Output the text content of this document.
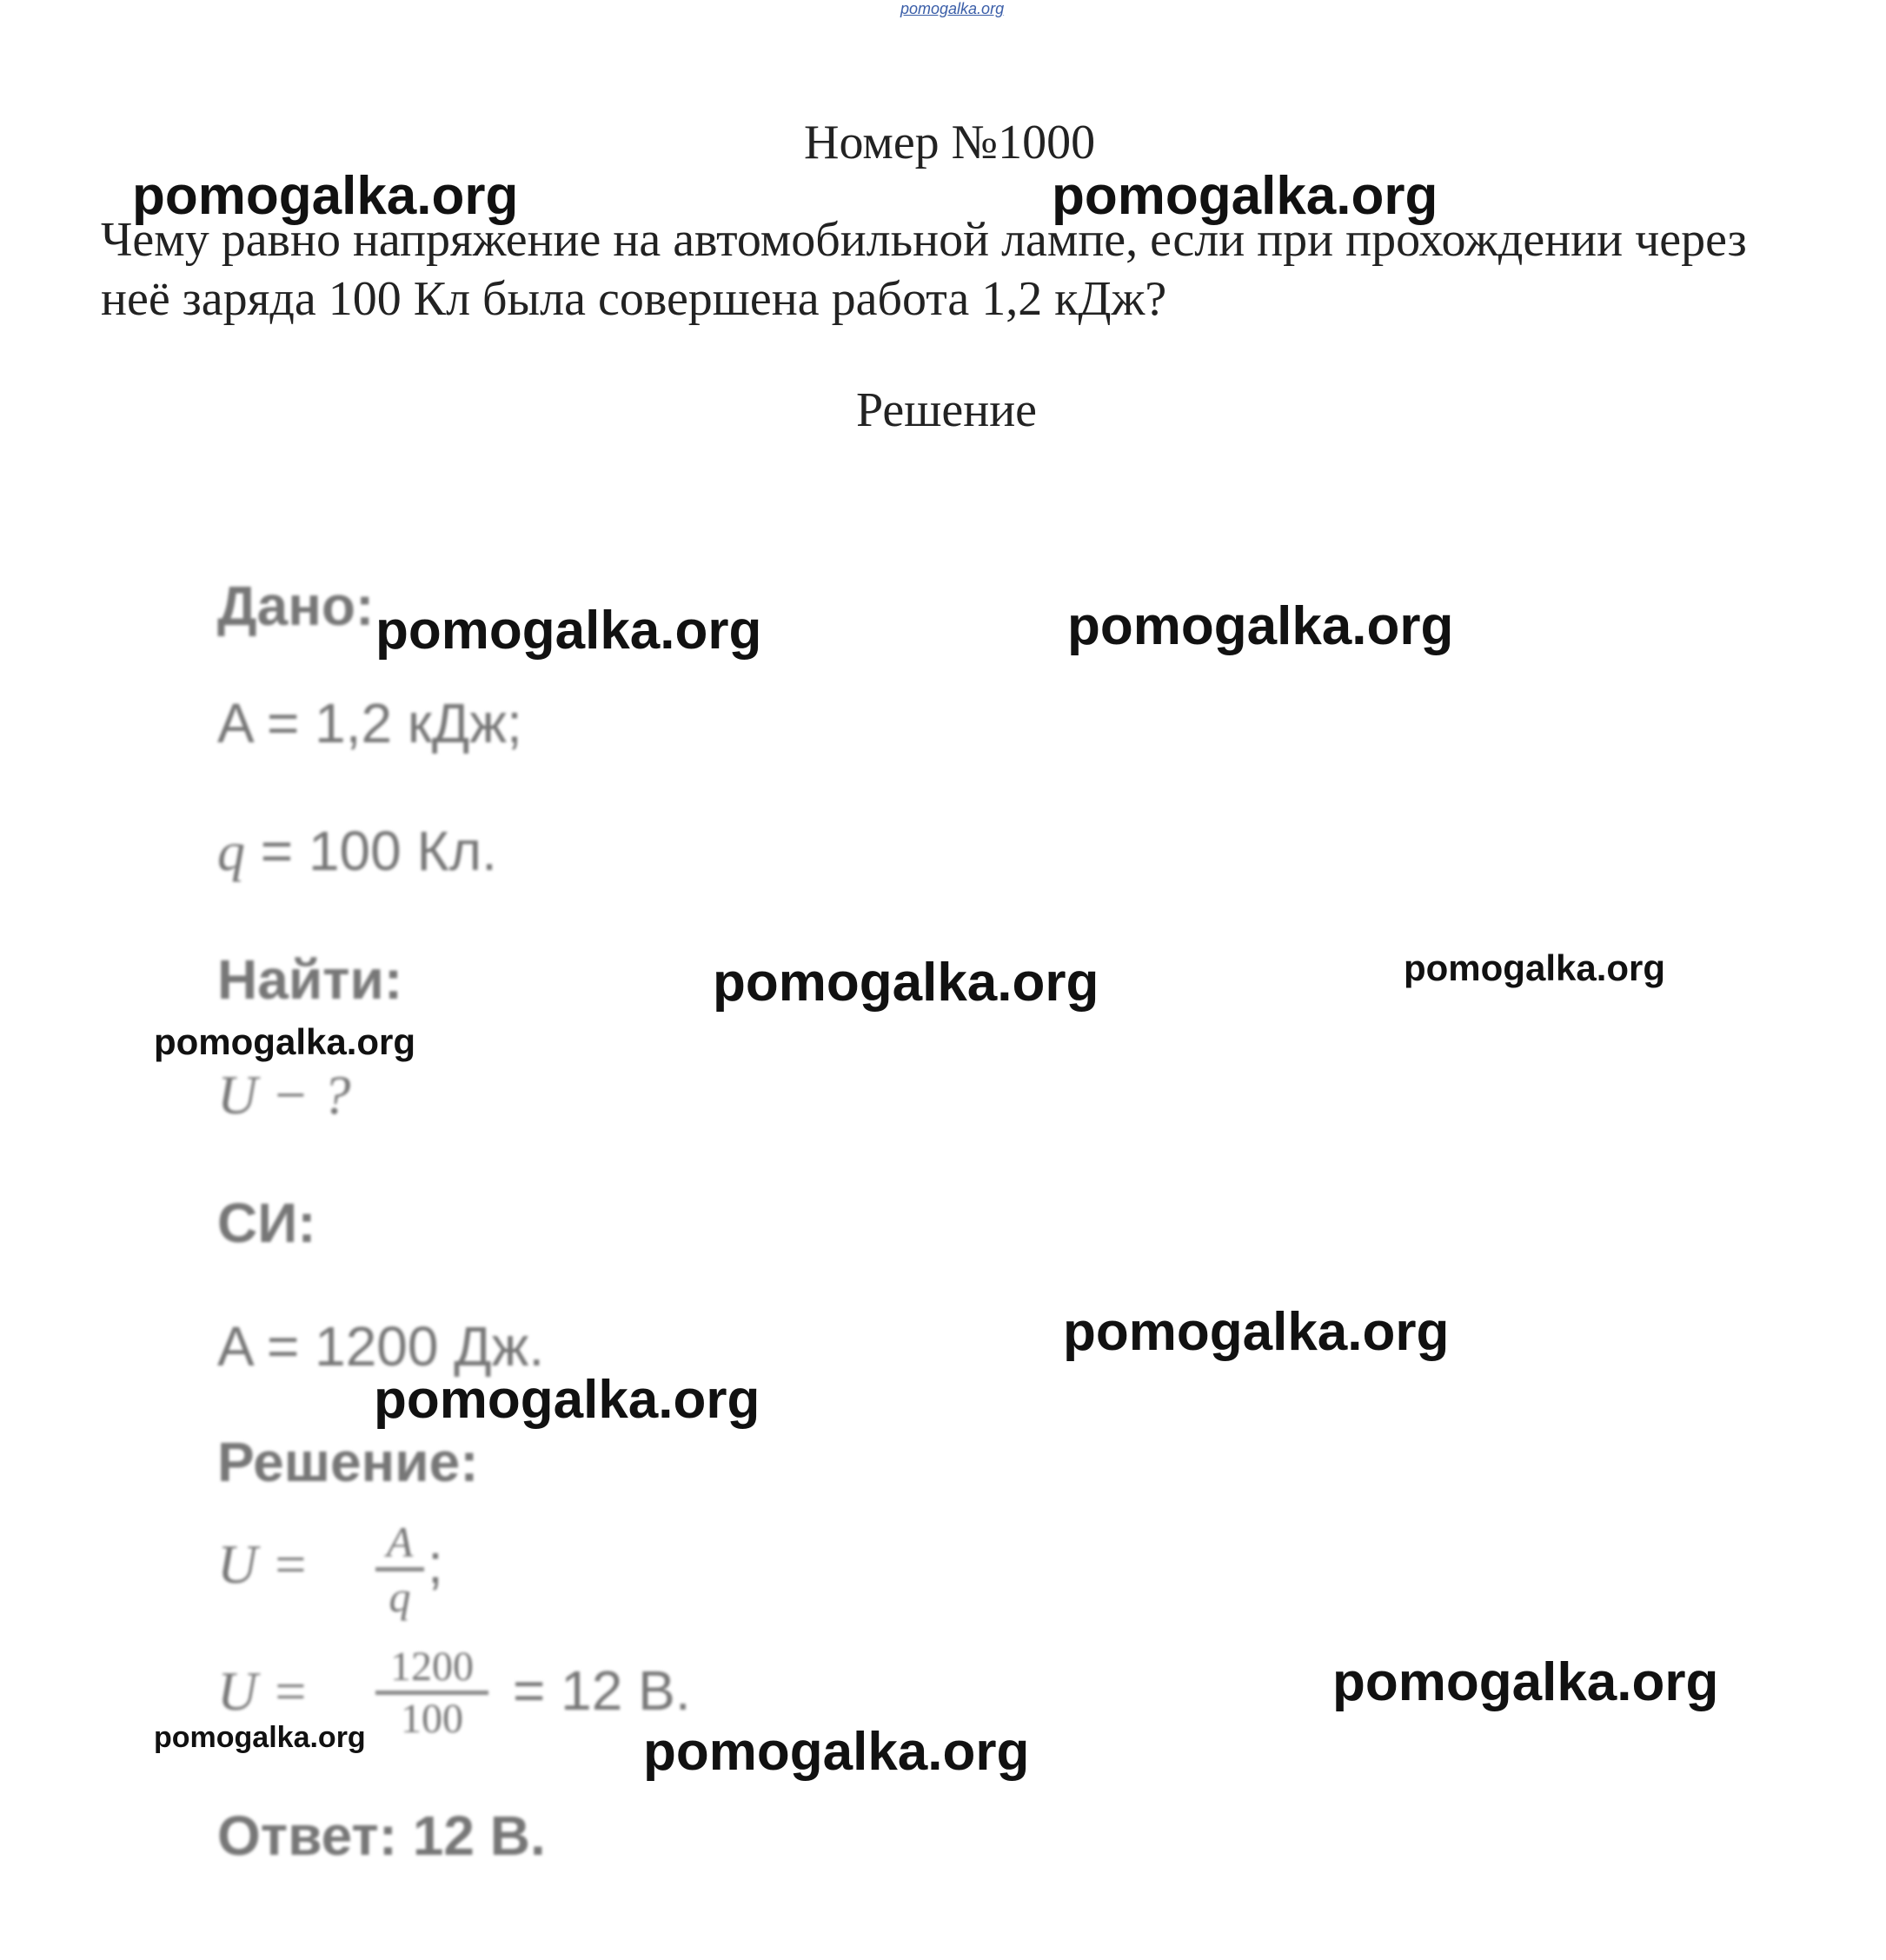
pomogalka.org
Номер №1000
Чему равно напряжение на автомобильной лампе, если при прохождении через неё заряда 100 Кл была совершена работа 1,2 кДж?
Решение
Дано:
A = 1,2 кДж;
q = 100 Кл.
Найти:
U − ?
СИ:
A = 1200 Дж.
Решение:
U = A
q
;
U =	1200
100 = 12 В.
Ответ: 12 В.
pomogalka.org	pomogalka.org
pomogalka.org	pomogalka.org
pomogalka.org	pomogalka.org
pomogalka.org
pomogalka.org
pomogalka.org
pomogalka.org
pomogalka.org	pomogalka.org
